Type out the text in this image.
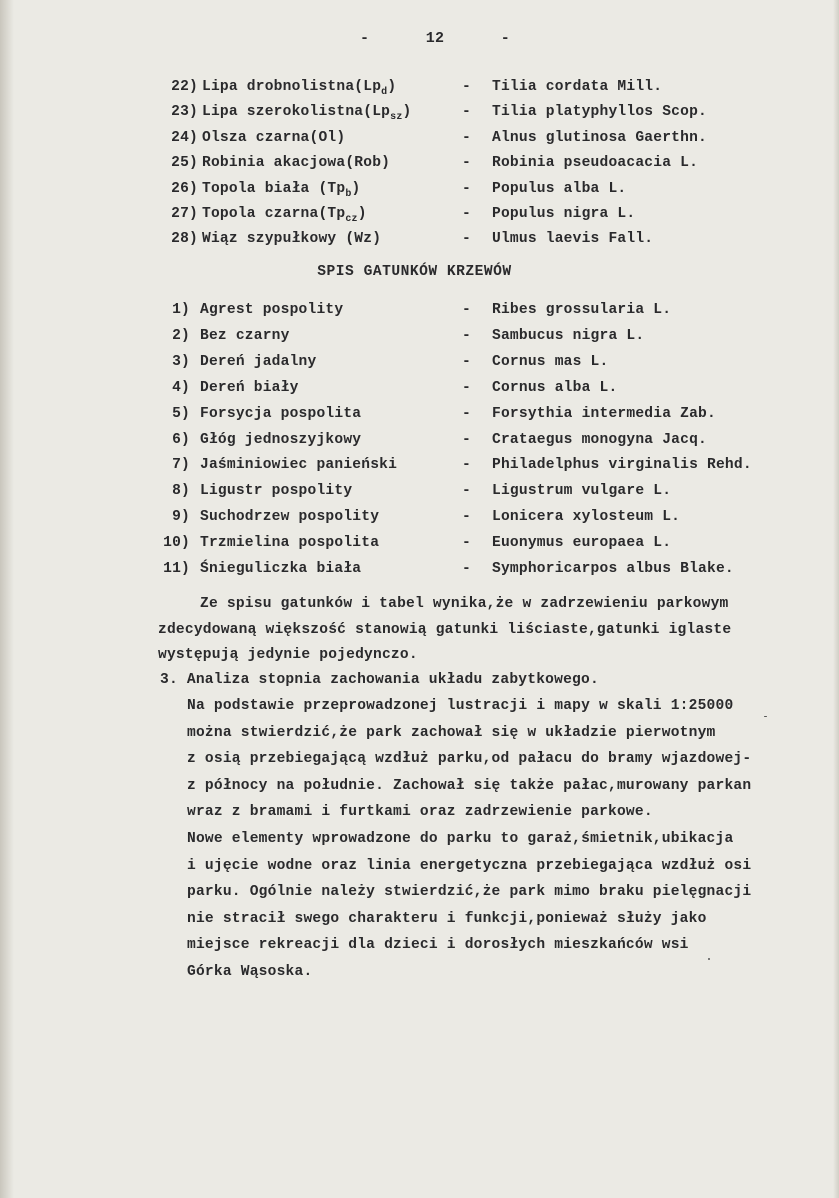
-	12	-
22) Lipa $drobnolistna(Lp_d)$	- Tilia cordata Mill.
23) Lipa $szerokolistna(Lp_{sz})$	- Tilia platyphyllos Scop.
24) Olsza czarna(Ol)	- Alnus glutinosa Gaerthn.
25) Robinia akacjowa(Rob)	- Robinia pseudoacacia L.
26) Topola biała $(Tp_b)$	- Populus alba L.
27) Topola $czarna(Tp_{cz})$	- Populus nigra L.
28) Wiąz szypułkowy (Wz)	- Ulmus laevis Fall.
SPIS GATUNKÓW KRZEWÓW
1) Agrest pospolity	- Ribes grossularia L.
2) Bez czarny	- Sambucus nigra L.
3) Dereń jadalny	- Cornus mas L.
4) Dereń biały	- Cornus alba L.
5) Forsycja pospolita	- Forsythia intermedia Zab.
6) Głóg jednoszyjkowy	- Crataegus monogyna Jacq.
7) Jaśminiowiec panieński	- Philadelphus virginalis Rehd.
8) Ligustr pospolity	- Ligustrum vulgare L.
9) Suchodrzew pospolity	- Lonicera xylosteum L.
10) Trzmielina pospolita	- Euonymus europaea L.
11) Śnieguliczka biała	- Symphoricarpos albus Blake.
Ze spisu gatunków i tabel wynika,że w zadrzewieniu parkowym
zdecydowaną większość stanowią gatunki liściaste,gatunki iglaste
występują jedynie pojedynczo.
3. Analiza stopnia zachowania układu zabytkowego.
Na podstawie przeprowadzonej lustracji i mapy w skali 1:25000
można stwierdzić,że park zachował się w układzie pierwotnym
z osią przebiegającą wzdłuż parku,od pałacu do bramy wjazdowej-
z północy na południe. Zachował się także pałac,murowany parkan
wraz z bramami i furtkami oraz zadrzewienie parkowe.
Nowe elementy wprowadzone do parku to garaż,śmietnik,ubikacja
i ujęcie wodne oraz linia energetyczna przebiegająca wzdłuż osi
parku. Ogólnie należy stwierdzić,że park mimo braku pielęgnacji
nie stracił swego charakteru i funkcji,ponieważ służy jako
miejsce rekreacji dla dzieci i dorosłych mieszkańców wsi
Górka Wąsoska.
